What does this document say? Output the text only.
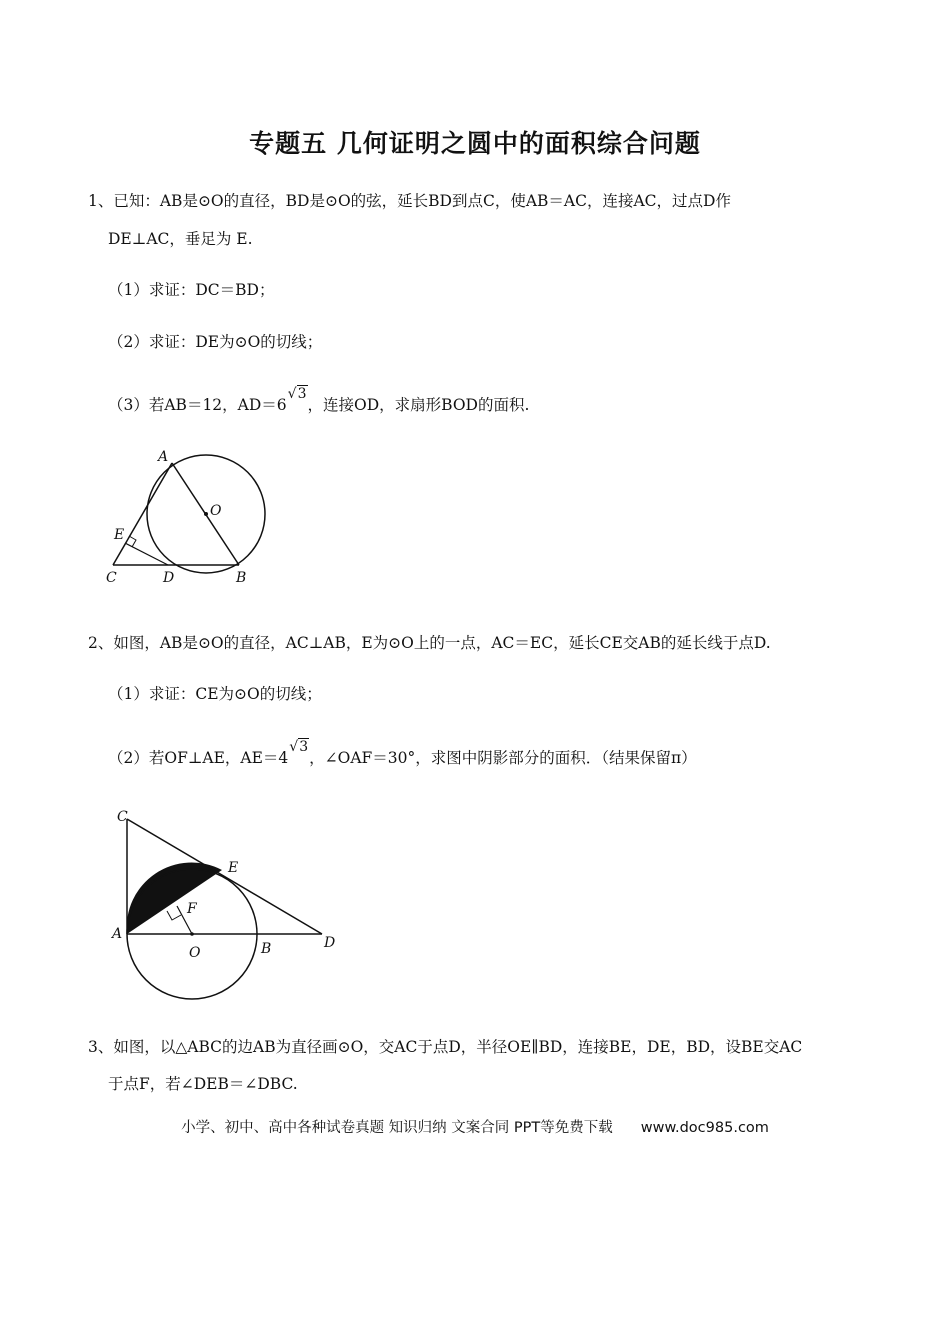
专题五 几何证明之圆中的面积综合问题
1、已知：AB是⊙O的直径，BD是⊙O的弦，延长BD到点C，使AB＝AC，连接AC，过点D作
DE⊥AC，垂足为 E.
（1）求证：DC＝BD；
（2）求证：DE为⊙O的切线；
（3）若AB＝12，AD＝6√3，连接OD，求扇形BOD的面积.
A
O
E
C	D	B
2、如图，AB是⊙O的直径，AC⊥AB，E为⊙O上的一点，AC＝EC，延长CE交AB的延长线于点D.
（1）求证：CE为⊙O的切线；
（2）若OF⊥AE，AE＝4√3，∠OAF＝30°，求图中阴影部分的面积．（结果保留π）
C
E
F
A
O	B	D
3、如图，以△ABC的边AB为直径画⊙O，交AC于点D，半径OE∥BD，连接BE，DE，BD，设BE交AC
于点F，若∠DEB＝∠DBC.
小学、初中、高中各种试卷真题 知识归纳 文案合同 PPT等免费下载 www.doc985.com
